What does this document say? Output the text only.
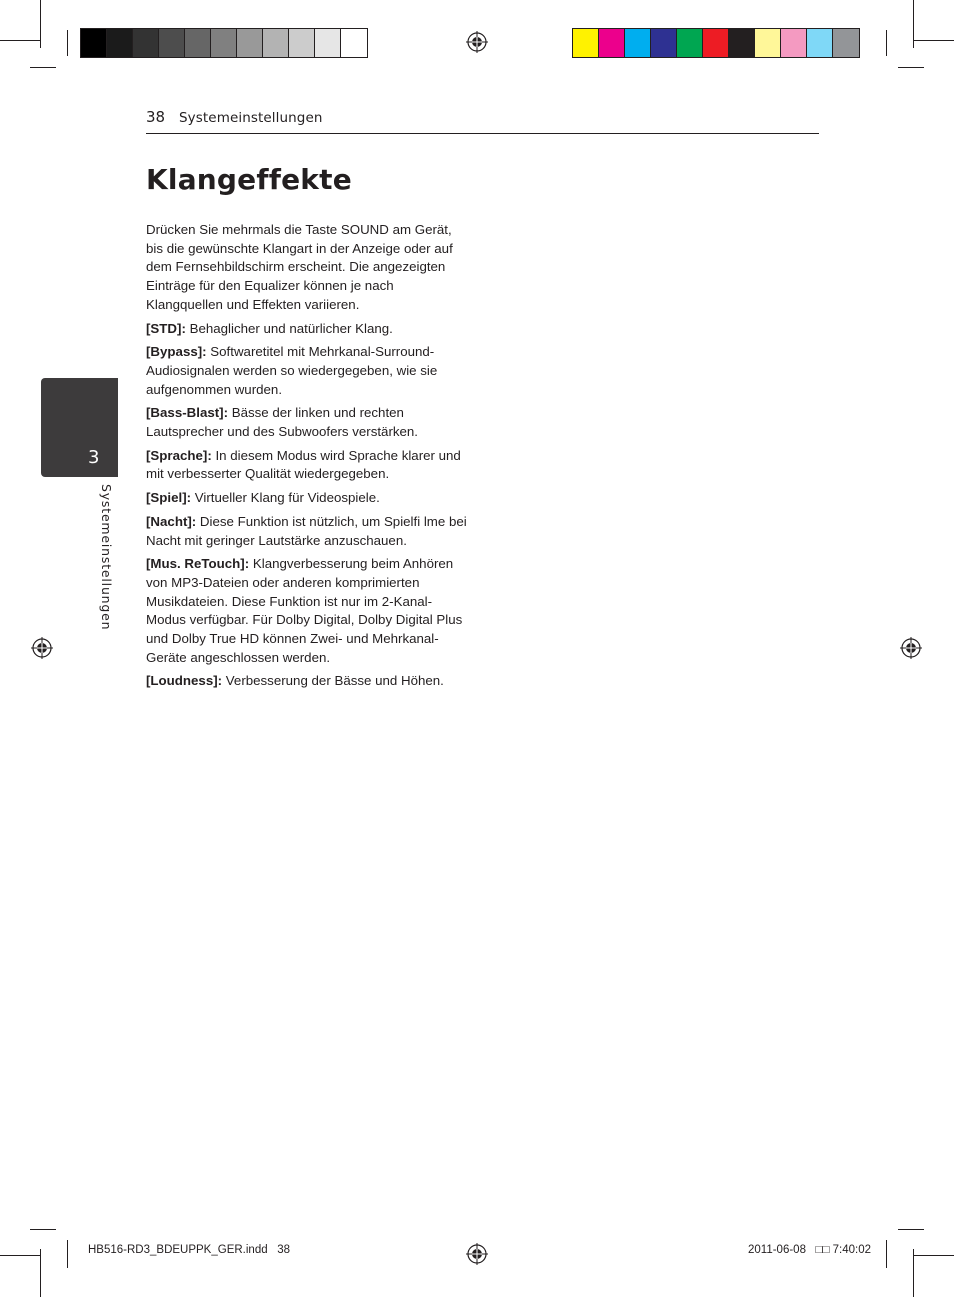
38 Systemeinstellungen
Klangeffekte

Drücken Sie mehrmals die Taste SOUND am Gerät, bis die gewünschte Klangart in der Anzeige oder auf dem Fernsehbildschirm erscheint. Die angezeigten Einträge für den Equalizer können je nach Klangquellen und Effekten variieren.

[STD]: Behaglicher und natürlicher Klang.

[Bypass]: Softwaretitel mit Mehrkanal-Surround-Audiosignalen werden so wiedergegeben, wie sie aufgenommen wurden.

[Bass-Blast]: Bässe der linken und rechten Lautsprecher und des Subwoofers verstärken.

[Sprache]: In diesem Modus wird Sprache klarer und mit verbesserter Qualität wiedergegeben.

[Spiel]: Virtueller Klang für Videospiele.

[Nacht]: Diese Funktion ist nützlich, um Spielfi lme bei Nacht mit geringer Lautstärke anzuschauen.

[Mus. ReTouch]: Klangverbesserung beim Anhören von MP3-Dateien oder anderen komprimierten Musikdateien. Diese Funktion ist nur im 2-Kanal-Modus verfügbar. Für Dolby Digital, Dolby Digital Plus und Dolby True HD können Zwei- und Mehrkanal-Geräte angeschlossen werden.

[Loudness]: Verbesserung der Bässe und Höhen.

3
Systemeinstellungen
HB516-RD3_BDEUPPK_GER.indd   38	2011-06-08   □□ 7:40:02
